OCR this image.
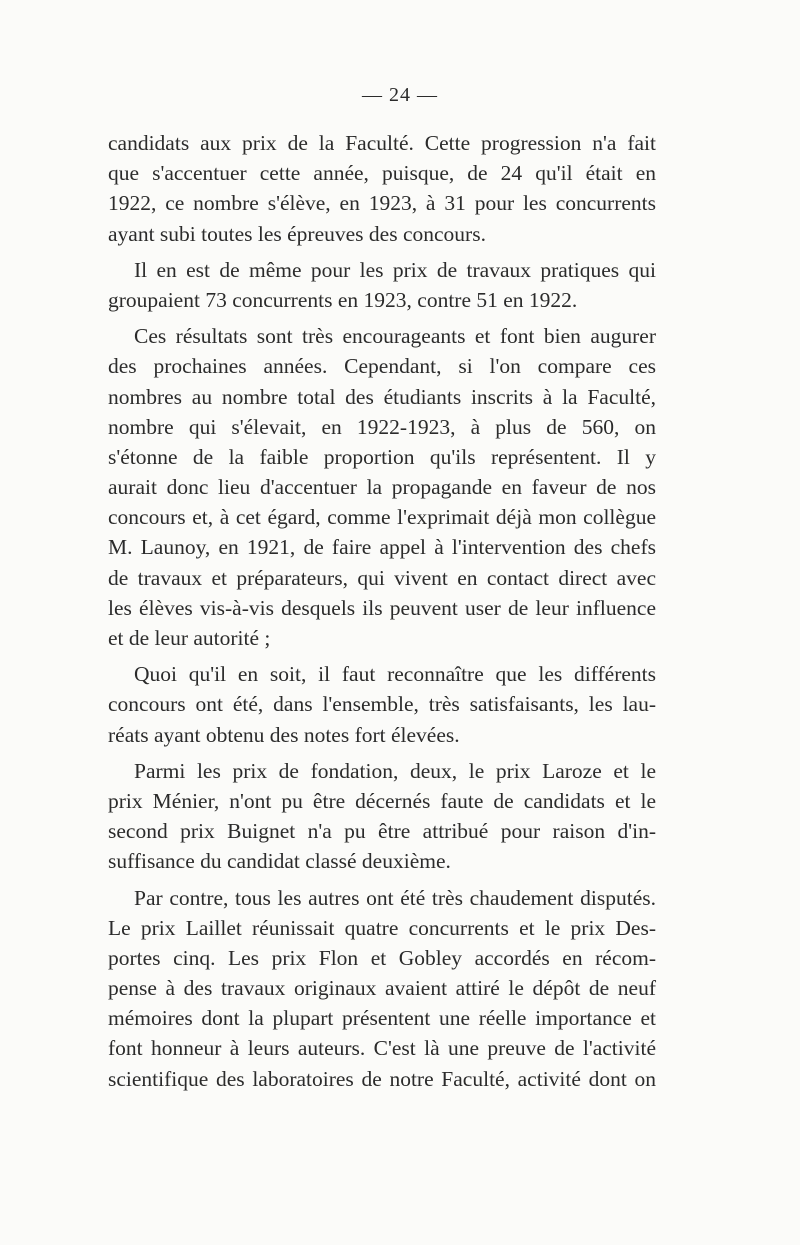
— 24 —
candidats aux prix de la Faculté. Cette progression n'a fait
que s'accentuer cette année, puisque, de 24 qu'il était en
1922, ce nombre s'élève, en 1923, à 31 pour les concurrents
ayant subi toutes les épreuves des concours.
Il en est de même pour les prix de travaux pratiques qui
groupaient 73 concurrents en 1923, contre 51 en 1922.
Ces résultats sont très encourageants et font bien augurer
des prochaines années. Cependant, si l'on compare ces
nombres au nombre total des étudiants inscrits à la Faculté,
nombre qui s'élevait, en 1922-1923, à plus de 560, on
s'étonne de la faible proportion qu'ils représentent. Il y
aurait donc lieu d'accentuer la propagande en faveur de nos
concours et, à cet égard, comme l'exprimait déjà mon collègue
M. Launoy, en 1921, de faire appel à l'intervention des chefs
de travaux et préparateurs, qui vivent en contact direct avec
les élèves vis-à-vis desquels ils peuvent user de leur influence
et de leur autorité ;
Quoi qu'il en soit, il faut reconnaître que les différents
concours ont été, dans l'ensemble, très satisfaisants, les lau-
réats ayant obtenu des notes fort élevées.
Parmi les prix de fondation, deux, le prix Laroze et le
prix Ménier, n'ont pu être décernés faute de candidats et le
second prix Buignet n'a pu être attribué pour raison d'in-
suffisance du candidat classé deuxième.
Par contre, tous les autres ont été très chaudement disputés.
Le prix Laillet réunissait quatre concurrents et le prix Des-
portes cinq. Les prix Flon et Gobley accordés en récom-
pense à des travaux originaux avaient attiré le dépôt de neuf
mémoires dont la plupart présentent une réelle importance et
font honneur à leurs auteurs. C'est là une preuve de l'activité
scientifique des laboratoires de notre Faculté, activité dont on
